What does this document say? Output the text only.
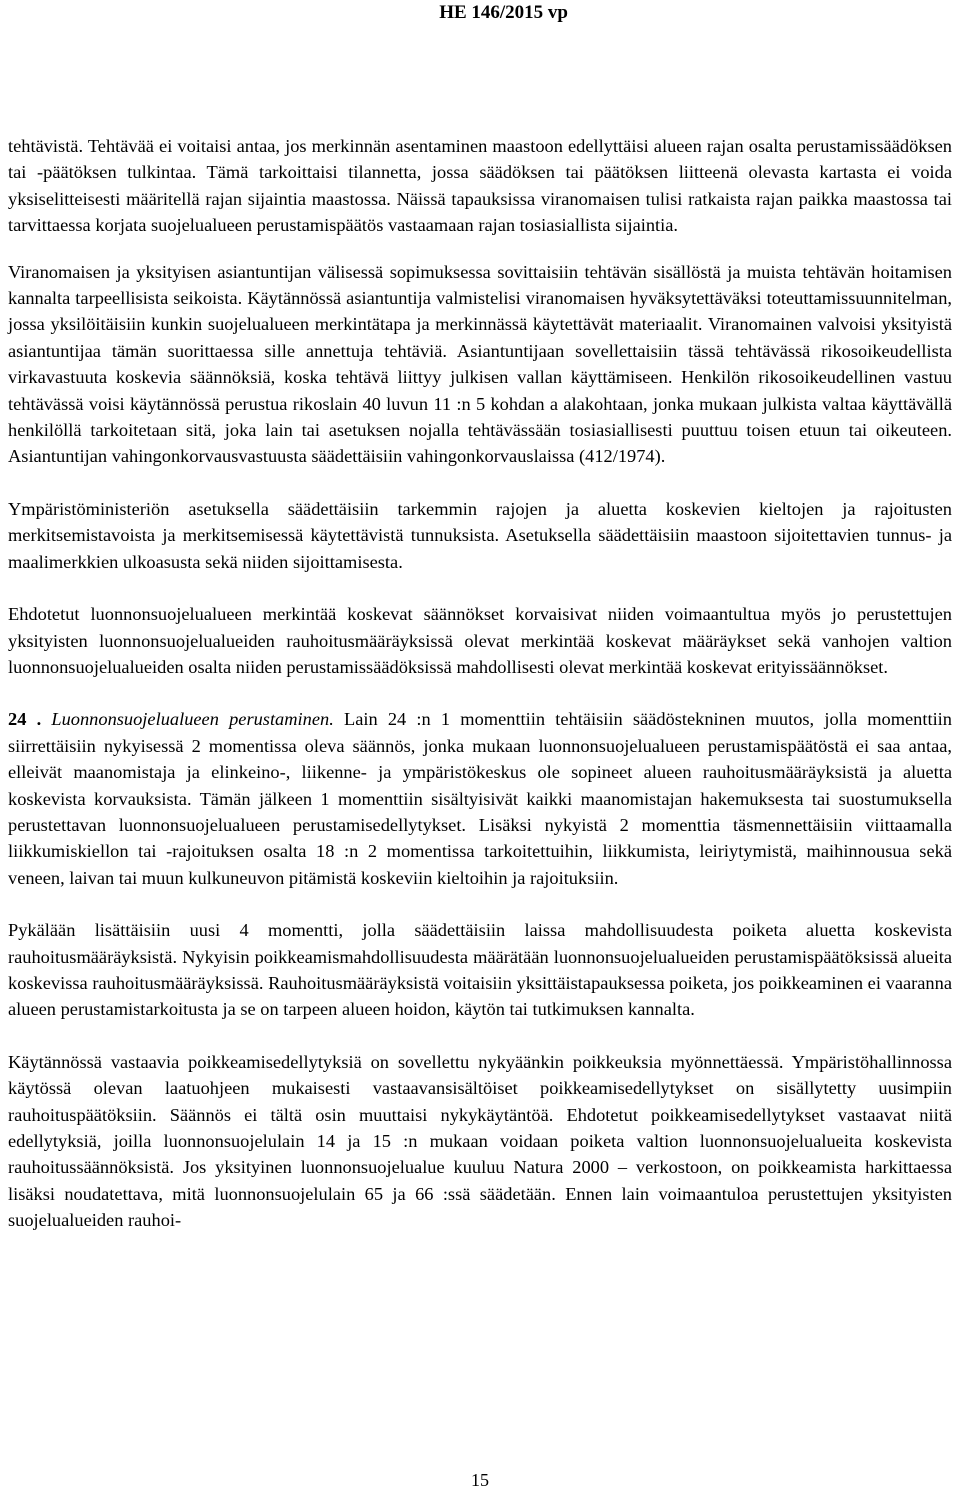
HE 146/2015 vp

tehtävistä. Tehtävää ei voitaisi antaa, jos merkinnän asentaminen maastoon edellyttäisi alueen rajan osalta perustamissäädöksen tai -päätöksen tulkintaa. Tämä tarkoittaisi tilannetta, jossa säädöksen tai päätöksen liitteenä olevasta kartasta ei voida yksiselitteisesti määritellä rajan sijaintia maastossa. Näissä tapauksissa viranomaisen tulisi ratkaista rajan paikka maastossa tai tarvittaessa korjata suojelualueen perustamispäätös vastaamaan rajan tosiasiallista sijaintia.

Viranomaisen ja yksityisen asiantuntijan välisessä sopimuksessa sovittaisiin tehtävän sisällöstä ja muista tehtävän hoitamisen kannalta tarpeellisista seikoista. Käytännössä asiantuntija valmistelisi viranomaisen hyväksytettäväksi toteuttamissuunnitelman, jossa yksilöitäisiin kunkin suojelualueen merkintätapa ja merkinnässä käytettävät materiaalit. Viranomainen valvoisi yksityistä asiantuntijaa tämän suorittaessa sille annettuja tehtäviä. Asiantuntijaan sovellettaisiin tässä tehtävässä rikosoikeudellista virkavastuuta koskevia säännöksiä, koska tehtävä liittyy julkisen vallan käyttämiseen. Henkilön rikosoikeudellinen vastuu tehtävässä voisi käytännössä perustua rikoslain 40 luvun 11 :n 5 kohdan a alakohtaan, jonka mukaan julkista valtaa käyttävällä henkilöllä tarkoitetaan sitä, joka lain tai asetuksen nojalla tehtävässään tosiasiallisesti puuttuu toisen etuun tai oikeuteen. Asiantuntijan vahingonkorvausvastuusta säädettäisiin vahingonkorvauslaissa (412/1974).

Ympäristöministeriön asetuksella säädettäisiin tarkemmin rajojen ja aluetta koskevien kieltojen ja rajoitusten merkitsemistavoista ja merkitsemisessä käytettävistä tunnuksista. Asetuksella säädettäisiin maastoon sijoitettavien tunnus- ja maalimerkkien ulkoasusta sekä niiden sijoittamisesta.

Ehdotetut luonnonsuojelualueen merkintää koskevat säännökset korvaisivat niiden voimaantultua myös jo perustettujen yksityisten luonnonsuojelualueiden rauhoitusmääräyksissä olevat merkintää koskevat määräykset sekä vanhojen valtion luonnonsuojelualueiden osalta niiden perustamissäädöksissä mahdollisesti olevat merkintää koskevat erityissäännökset.

24 . Luonnonsuojelualueen perustaminen. Lain 24 :n 1 momenttiin tehtäisiin säädöstekninen muutos, jolla momenttiin siirrettäisiin nykyisessä 2 momentissa oleva säännös, jonka mukaan luonnonsuojelualueen perustamispäätöstä ei saa antaa, elleivät maanomistaja ja elinkeino-, liikenne- ja ympäristökeskus ole sopineet alueen rauhoitusmääräyksistä ja aluetta koskevista korvauksista. Tämän jälkeen 1 momenttiin sisältyisivät kaikki maanomistajan hakemuksesta tai suostumuksella perustettavan luonnonsuojelualueen perustamisedellytykset. Lisäksi nykyistä 2 momenttia täsmennettäisiin viittaamalla liikkumiskiellon tai -rajoituksen osalta 18 :n 2 momentissa tarkoitettuihin, liikkumista, leiriytymistä, maihinnousua sekä veneen, laivan tai muun kulkuneuvon pitämistä koskeviin kieltoihin ja rajoituksiin.

Pykälään lisättäisiin uusi 4 momentti, jolla säädettäisiin laissa mahdollisuudesta poiketa aluetta koskevista rauhoitusmääräyksistä. Nykyisin poikkeamismahdollisuudesta määrätään luonnonsuojelualueiden perustamispäätöksissä alueita koskevissa rauhoitusmääräyksissä. Rauhoitusmääräyksistä voitaisiin yksittäistapauksessa poiketa, jos poikkeaminen ei vaaranna alueen perustamistarkoitusta ja se on tarpeen alueen hoidon, käytön tai tutkimuksen kannalta.

Käytännössä vastaavia poikkeamisedellytyksiä on sovellettu nykyäänkin poikkeuksia myönnettäessä. Ympäristöhallinnossa käytössä olevan laatuohjeen mukaisesti vastaavansisältöiset poikkeamisedellytykset on sisällytetty uusimpiin rauhoituspäätöksiin. Säännös ei tältä osin muuttaisi nykykäytäntöä. Ehdotetut poikkeamisedellytykset vastaavat niitä edellytyksiä, joilla luonnonsuojelulain 14 ja 15 :n mukaan voidaan poiketa valtion luonnonsuojelualueita koskevista rauhoitussäännöksistä. Jos yksityinen luonnonsuojelualue kuuluu Natura 2000 – verkostoon, on poikkeamista harkittaessa lisäksi noudatettava, mitä luonnonsuojelulain 65 ja 66 :ssä säädetään. Ennen lain voimaantuloa perustettujen yksityisten suojelualueiden rauhoi-

15
